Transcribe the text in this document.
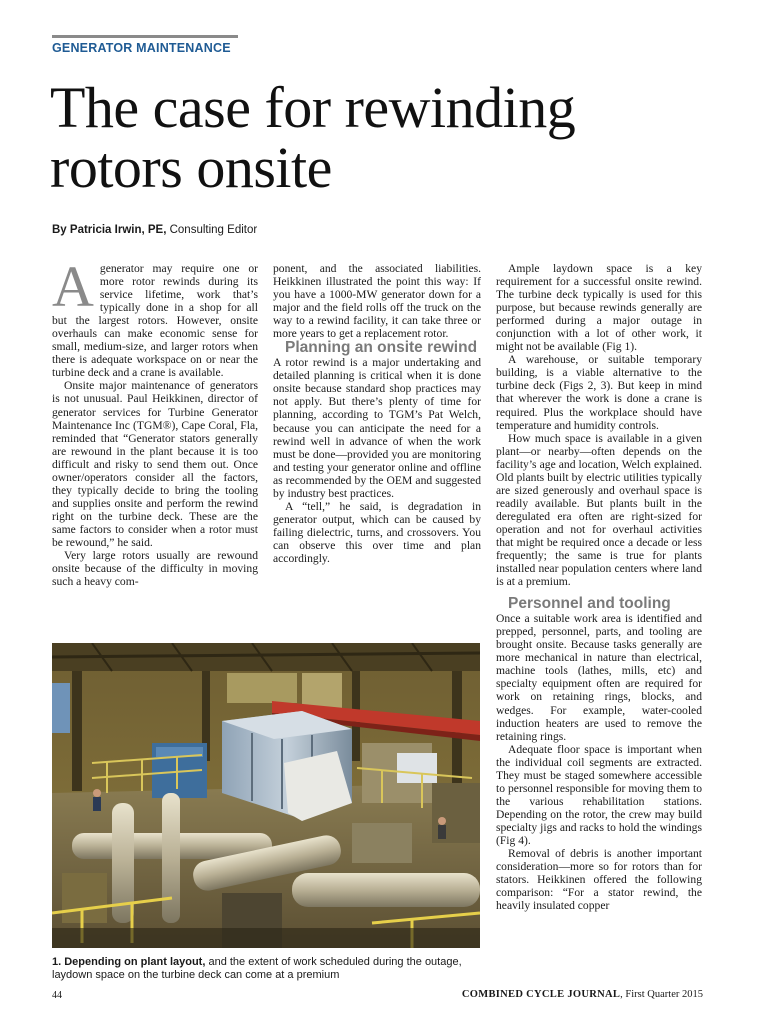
GENERATOR MAINTENANCE
The case for rewinding
rotors onsite
By Patricia Irwin, PE, Consulting Editor

Agenerator may require one or more rotor rewinds during its service lifetime, work that’s typically done in a shop for all but the largest rotors. However, onsite overhauls can make economic sense for small, medium-size, and larger rotors when there is adequate workspace on or near the turbine deck and a crane is available.

Onsite major maintenance of generators is not unusual. Paul Heikkinen, director of generator services for Turbine Generator Maintenance Inc (TGM®), Cape Coral, Fla, reminded that “Generator stators generally are rewound in the plant because it is too difficult and risky to send them out. Once owner/operators consider all the factors, they typically decide to bring the tooling and supplies onsite and perform the rewind right on the turbine deck. These are the same factors to consider when a rotor must be rewound,” he said.

Very large rotors usually are rewound onsite because of the difficulty in moving such a heavy com-

ponent, and the associated liabilities. Heikkinen illustrated the point this way: If you have a 1000-MW generator down for a major and the field rolls off the truck on the way to a rewind facility, it can take three or more years to get a replacement rotor.

Planning an onsite rewind

A rotor rewind is a major undertaking and detailed planning is critical when it is done onsite because standard shop practices may not apply. But there’s plenty of time for planning, according to TGM’s Pat Welch, because you can anticipate the need for a rewind well in advance of when the work must be done—provided you are monitoring and testing your generator online and offline as recommended by the OEM and suggested by industry best practices.

A “tell,” he said, is degradation in generator output, which can be caused by failing dielectric, turns, and crossovers. You can observe this over time and plan accordingly.

Ample laydown space is a key requirement for a successful onsite rewind. The turbine deck typically is used for this purpose, but because rewinds generally are performed during a major outage in conjunction with a lot of other work, it might not be available (Fig 1).

A warehouse, or suitable temporary building, is a viable alternative to the turbine deck (Figs 2, 3). But keep in mind that wherever the work is done a crane is required. Plus the workplace should have temperature and humidity controls.

How much space is available in a given plant—or nearby—often depends on the facility’s age and location, Welch explained. Old plants built by electric utilities typically are sized generously and overhaul space is readily available. But plants built in the deregulated era often are right-sized for operation and not for overhaul activities that might be required once a decade or less frequently; the same is true for plants installed near population centers where land is at a premium.

Personnel and tooling

Once a suitable work area is identified and prepped, personnel, parts, and tooling are brought onsite. Because tasks generally are more mechanical in nature than electrical, machine tools (lathes, mills, etc) and specialty equipment often are required for work on retaining rings, blocks, and wedges. For example, water-cooled induction heaters are used to remove the retaining rings.

Adequate floor space is important when the individual coil segments are extracted. They must be staged somewhere accessible to personnel responsible for moving them to the various rehabilitation stations. Depending on the rotor, the crew may build specialty jigs and racks to hold the windings (Fig 4).

Removal of debris is another important consideration—more so for rotors than for stators. Heikkinen offered the following comparison: “For a stator rewind, the heavily insulated copper

1. Depending on plant layout, and the extent of work scheduled during the outage, laydown space on the turbine deck can come at a premium
44	COMBINED CYCLE JOURNAL, First Quarter 2015
